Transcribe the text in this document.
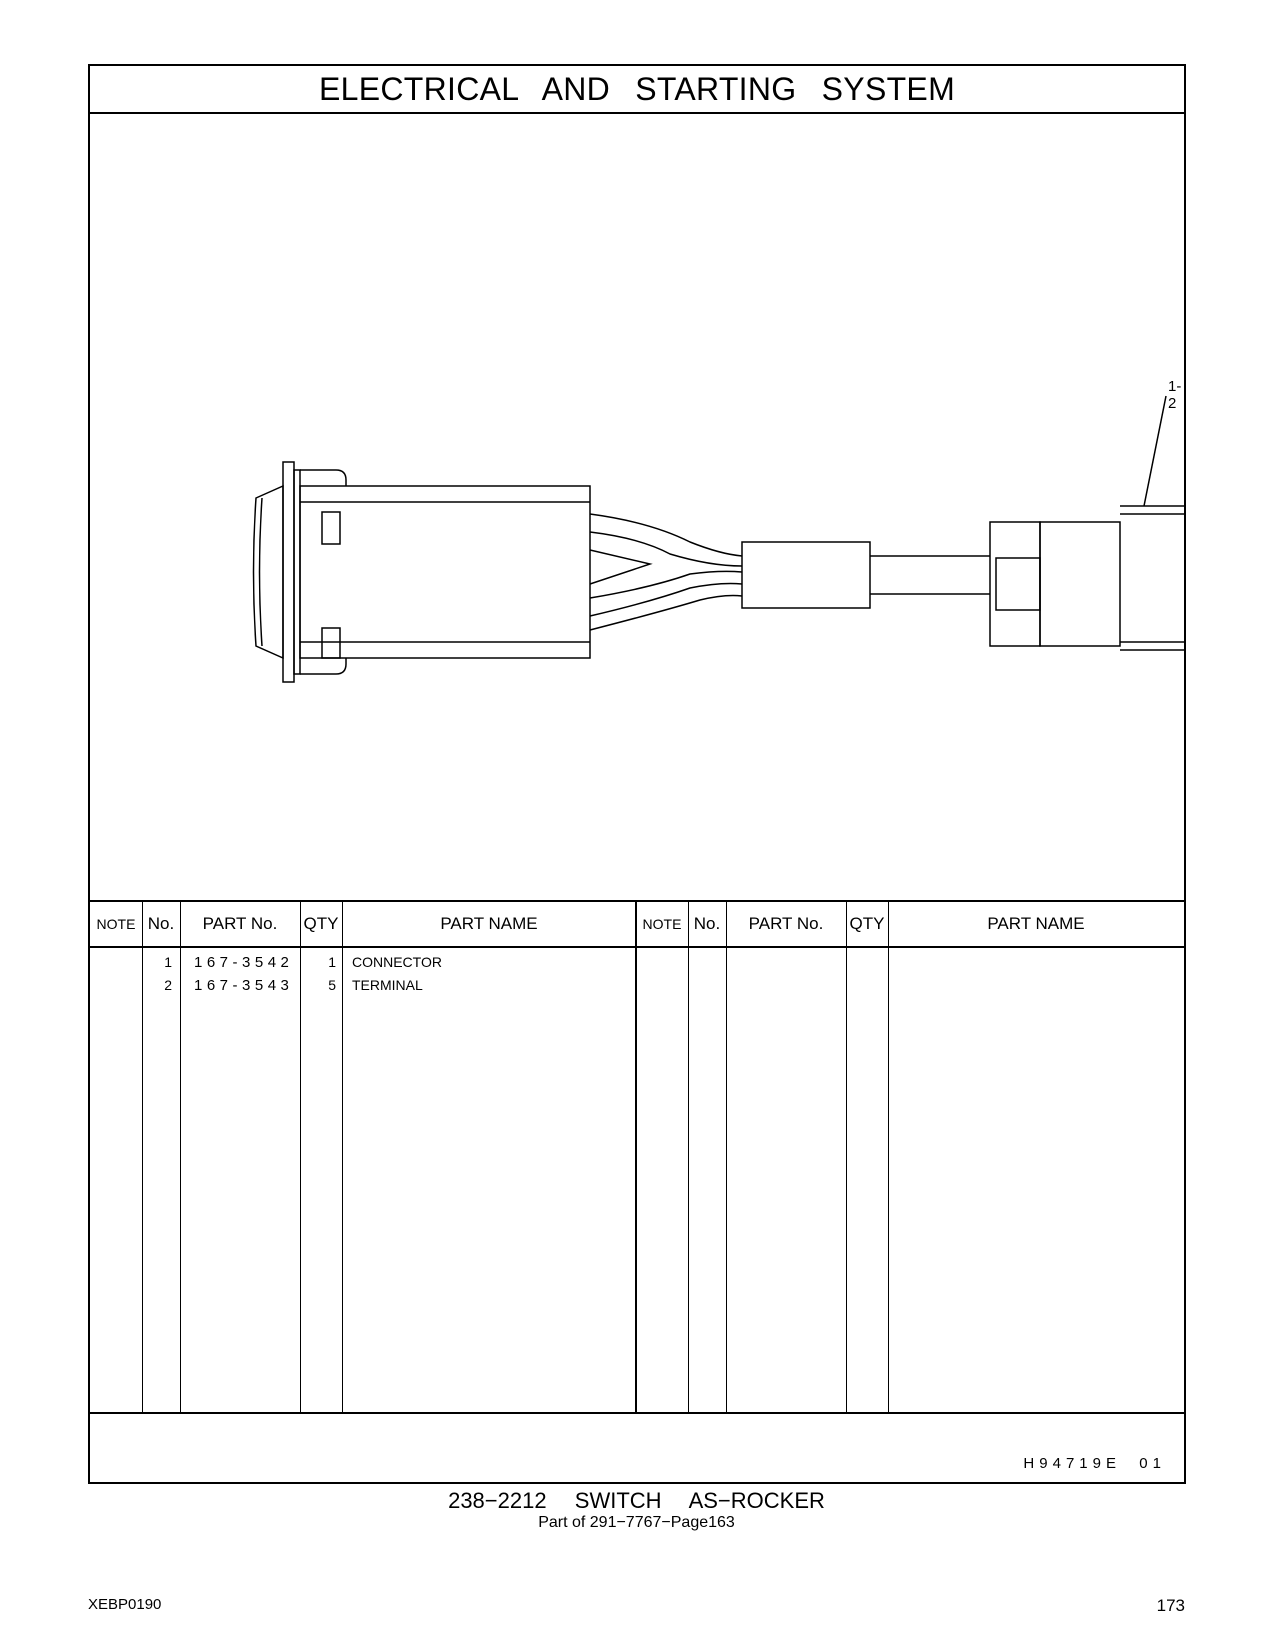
ELECTRICAL AND STARTING SYSTEM
1-2
NOTE No.	PART No.	QTY	PART NAME	NOTE No.	PART No.	QTY	PART NAME
1 167-3542	1 CONNECTOR
2 167-3543	5 TERMINAL
H94719E  01
238−2212  SWITCH  AS−ROCKER
Part of 291−7767−Page163
XEBP0190	173
